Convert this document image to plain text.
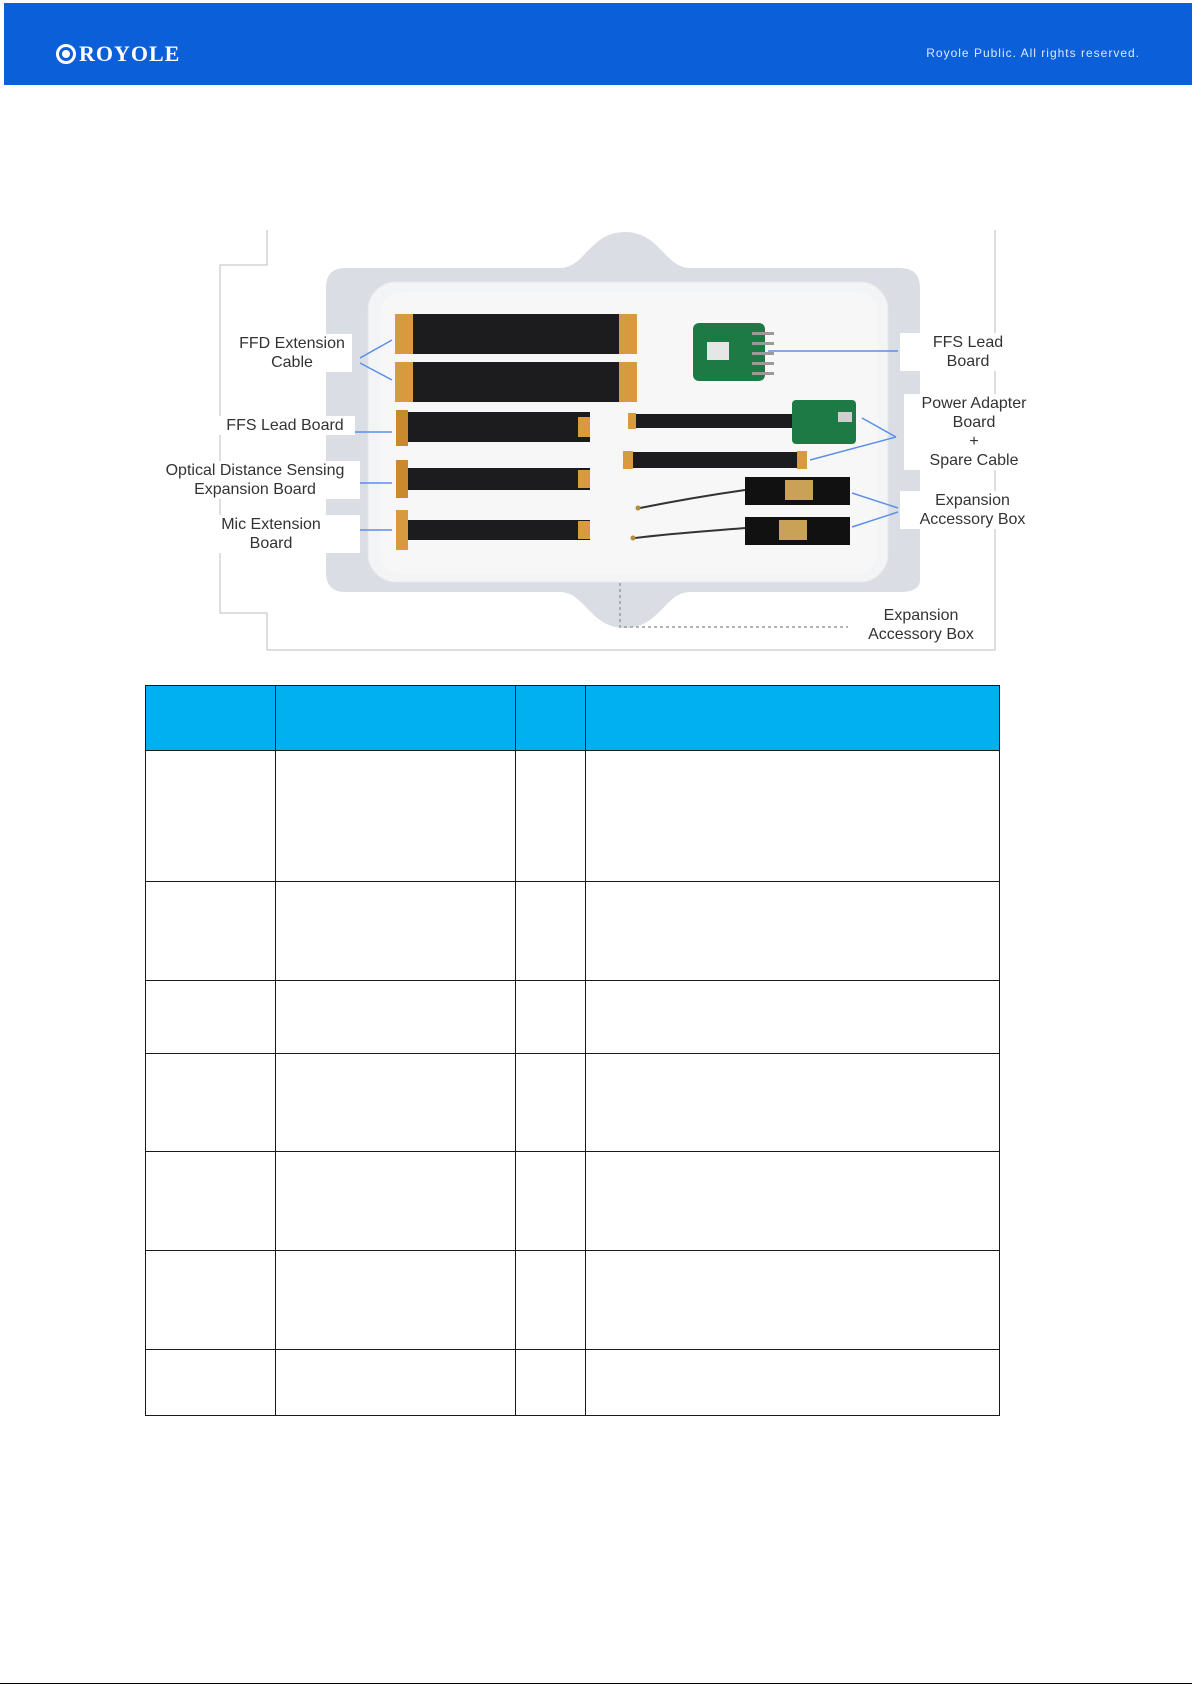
ROYOLE	Royole Public. All rights reserved.
FFD Extension
Cable
FFS Lead Board
Optical Distance Sensing
Expansion Board
Mic Extension
Board
FFS Lead
Board
Power Adapter
Board
+
Spare Cable
Expansion
Accessory Box
Expansion
Accessory Box
